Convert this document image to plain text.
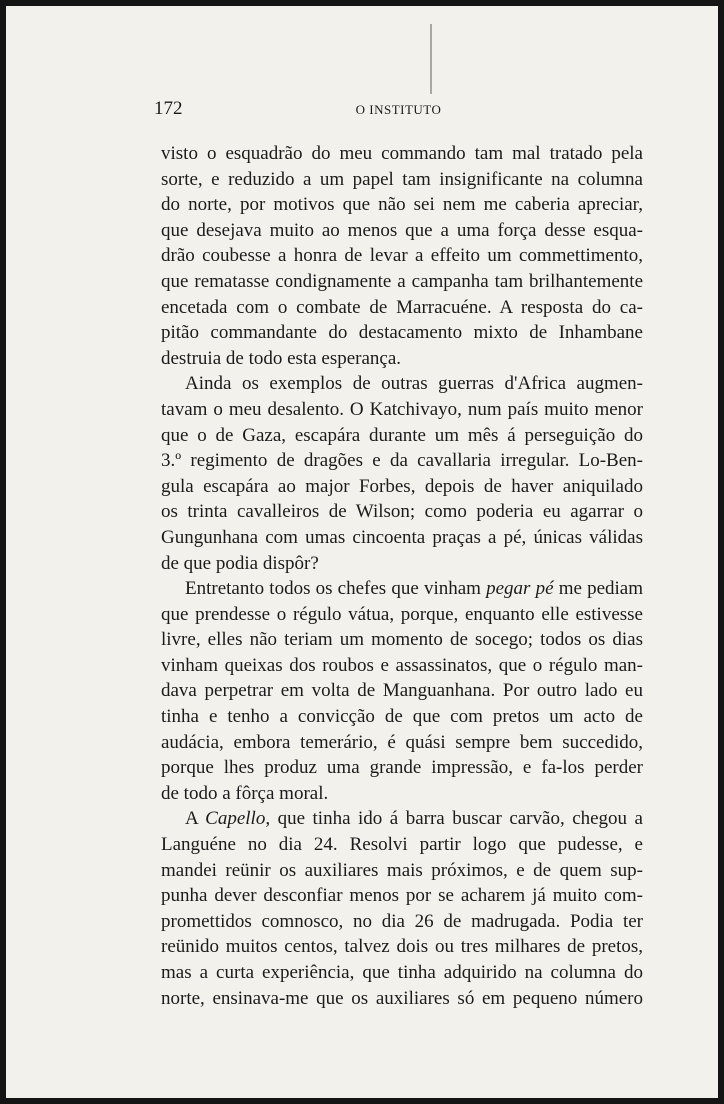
172	O INSTITUTO
visto o esquadrão do meu commando tam mal tratado pela
sorte, e reduzido a um papel tam insignificante na columna
do norte, por motivos que não sei nem me caberia apreciar,
que desejava muito ao menos que a uma força desse esqua-
drão coubesse a honra de levar a effeito um commettimento,
que rematasse condignamente a campanha tam brilhantemente
encetada com o combate de Marracuéne. A resposta do ca-
pitão commandante do destacamento mixto de Inhambane
destruia de todo esta esperança.
Ainda os exemplos de outras guerras d'Africa augmen-
tavam o meu desalento. O Katchivayo, num país muito menor
que o de Gaza, escapára durante um mês á perseguição do
3.º regimento de dragões e da cavallaria irregular. Lo-Ben-
gula escapára ao major Forbes, depois de haver aniquilado
os trinta cavalleiros de Wilson; como poderia eu agarrar o
Gungunhana com umas cincoenta praças a pé, únicas válidas
de que podia dispôr?
Entretanto todos os chefes que vinham pegar pé me pediam
que prendesse o régulo vátua, porque, enquanto elle estivesse
livre, elles não teriam um momento de socego; todos os dias
vinham queixas dos roubos e assassinatos, que o régulo man-
dava perpetrar em volta de Manguanhana. Por outro lado eu
tinha e tenho a convicção de que com pretos um acto de
audácia, embora temerário, é quási sempre bem succedido,
porque lhes produz uma grande impressão, e fa-los perder
de todo a fôrça moral.
A Capello, que tinha ido á barra buscar carvão, chegou a
Languéne no dia 24. Resolvi partir logo que pudesse, e
mandei reünir os auxiliares mais próximos, e de quem sup-
punha dever desconfiar menos por se acharem já muito com-
promettidos comnosco, no dia 26 de madrugada. Podia ter
reünido muitos centos, talvez dois ou tres milhares de pretos,
mas a curta experiência, que tinha adquirido na columna do
norte, ensinava-me que os auxiliares só em pequeno número
